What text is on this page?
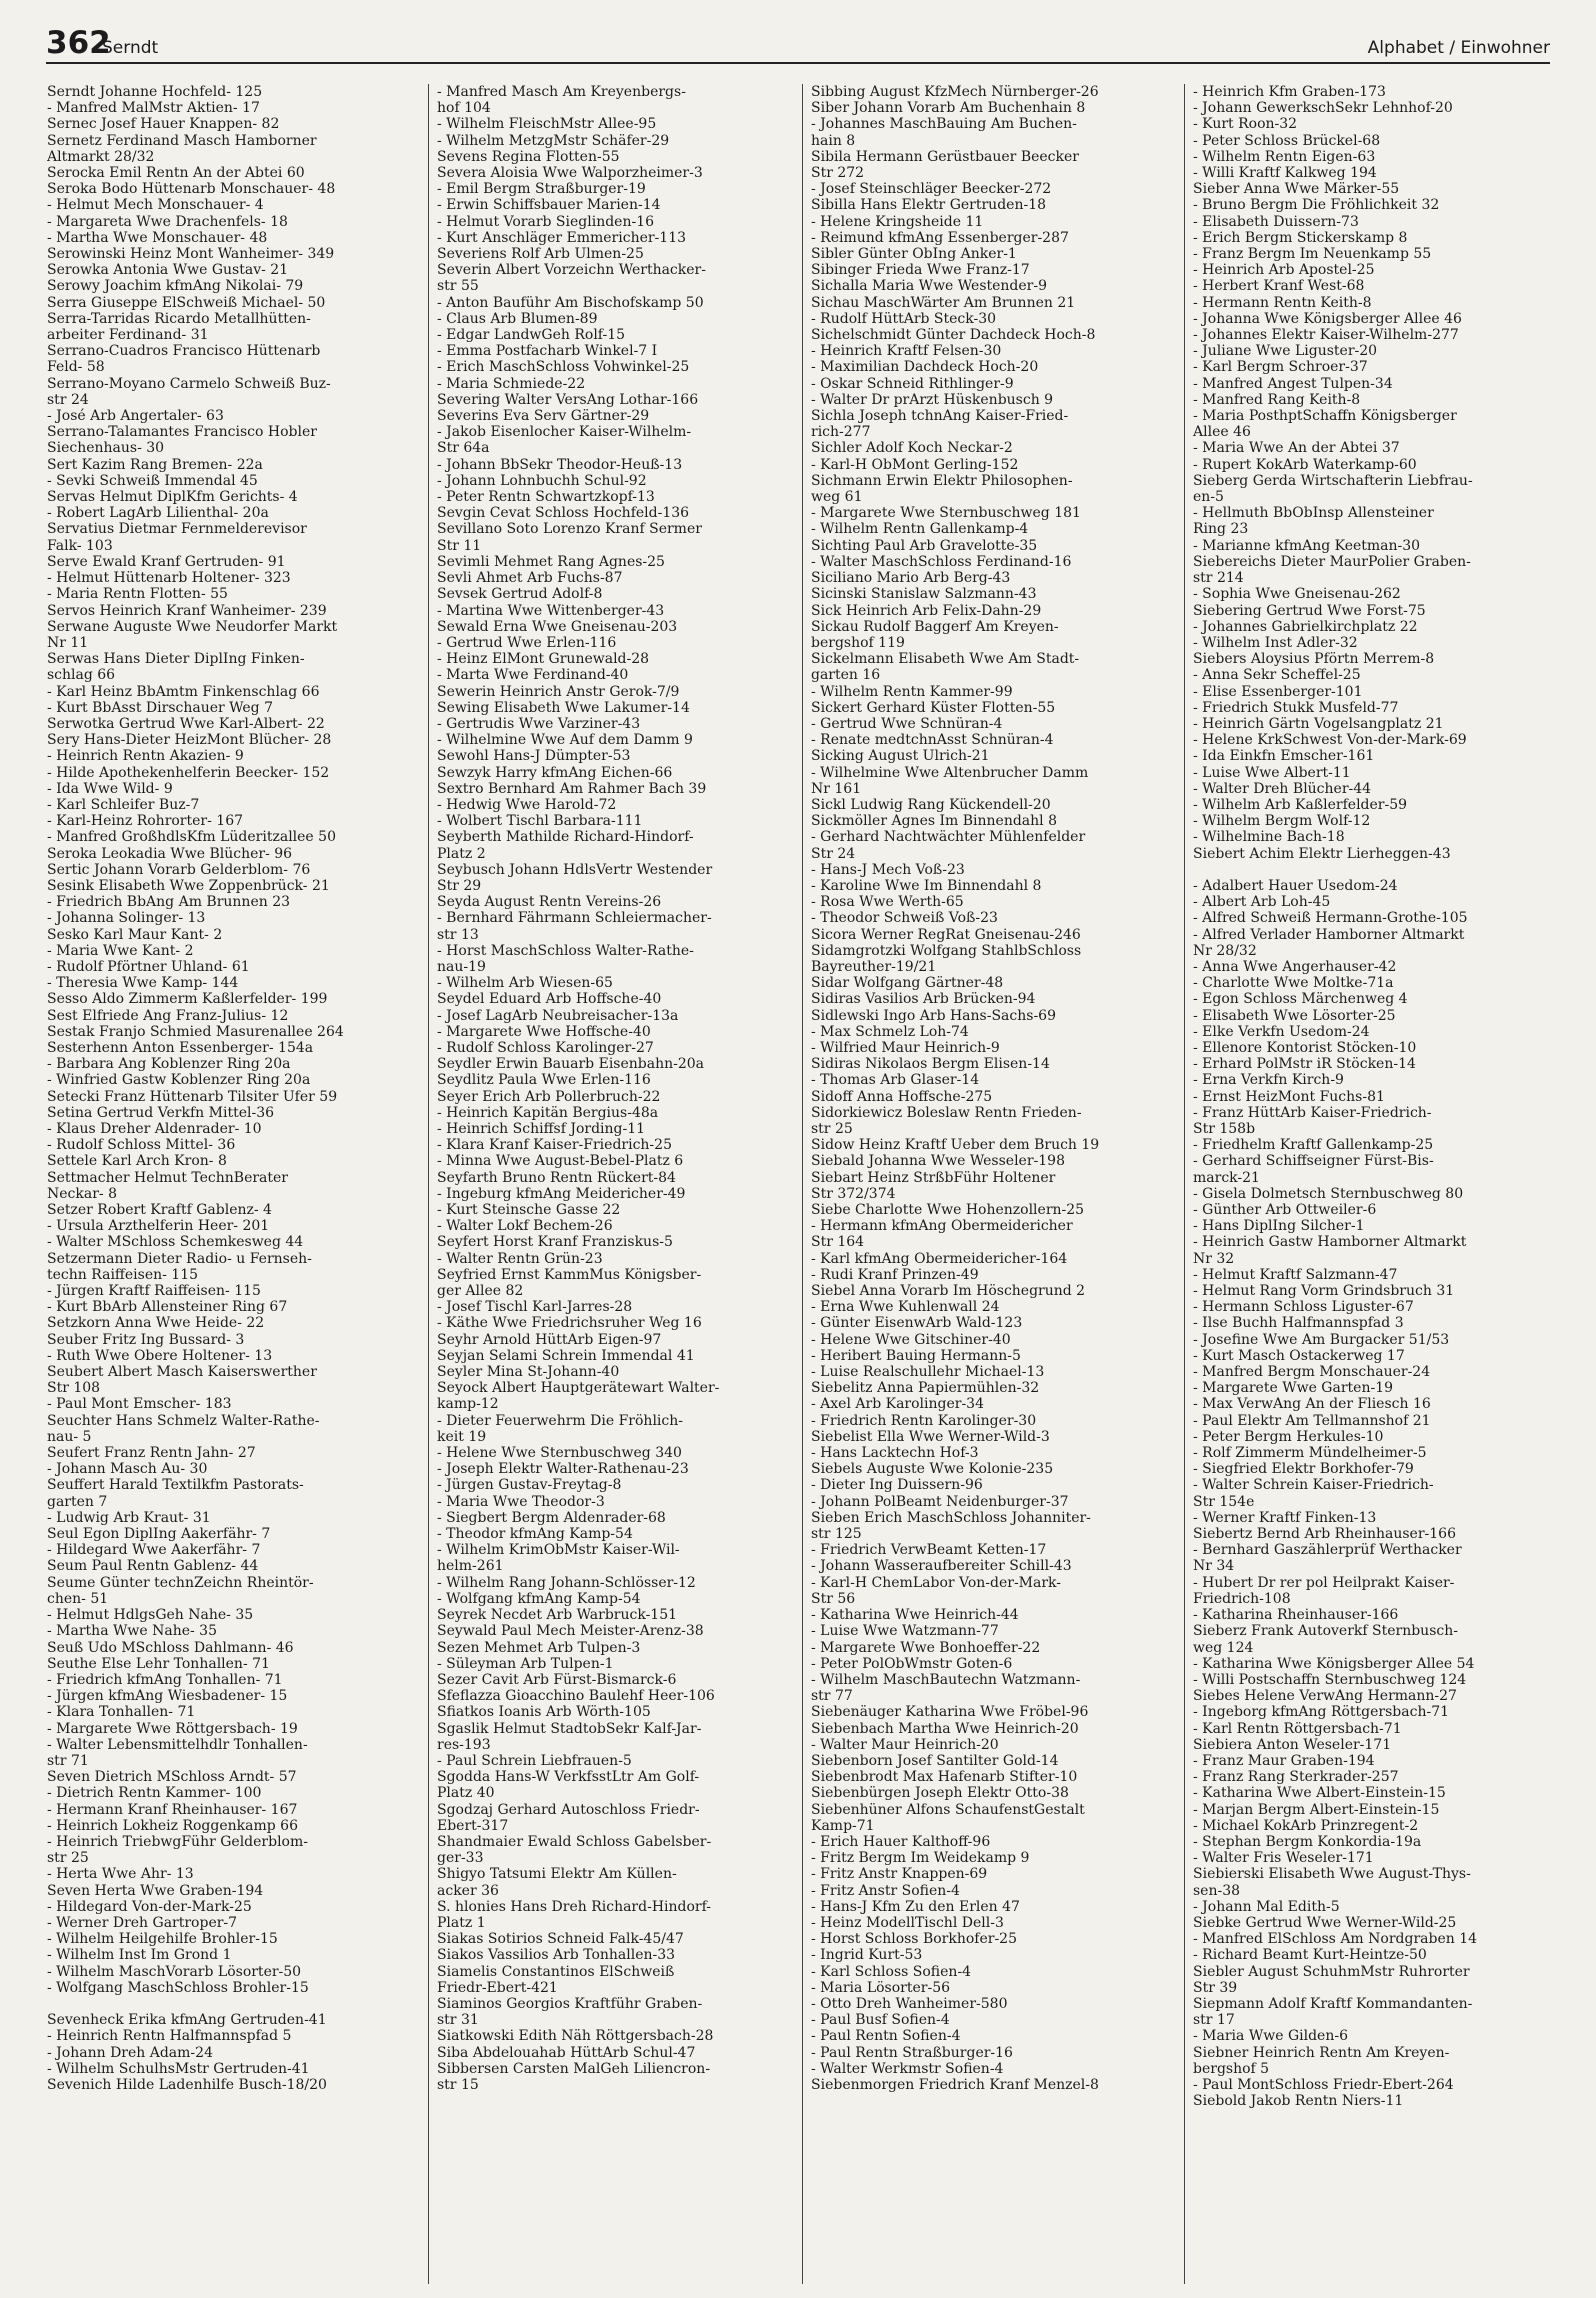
362
Serndt	Alphabet / Einwohner
Serndt Johanne Hochfeld- 125
- Manfred MalMstr Aktien- 17
Sernec Josef Hauer Knappen- 82
Sernetz Ferdinand Masch Hamborner
Altmarkt 28/32
Serocka Emil Rentn An der Abtei 60
Seroka Bodo Hüttenarb Monschauer- 48
- Helmut Mech Monschauer- 4
- Margareta Wwe Drachenfels- 18
- Martha Wwe Monschauer- 48
Serowinski Heinz Mont Wanheimer- 349
Serowka Antonia Wwe Gustav- 21
Serowy Joachim kfmAng Nikolai- 79
Serra Giuseppe ElSchweiß Michael- 50
Serra-Tarridas Ricardo Metallhütten-
arbeiter Ferdinand- 31
Serrano-Cuadros Francisco Hüttenarb
Feld- 58
Serrano-Moyano Carmelo Schweiß Buz-
str 24
- José Arb Angertaler- 63
Serrano-Talamantes Francisco Hobler
Siechenhaus- 30
Sert Kazim Rang Bremen- 22a
- Sevki Schweiß Immendal 45
Servas Helmut DiplKfm Gerichts- 4
- Robert LagArb Lilienthal- 20a
Servatius Dietmar Fernmelderevisor
Falk- 103
Serve Ewald Kranf Gertruden- 91
- Helmut Hüttenarb Holtener- 323
- Maria Rentn Flotten- 55
Servos Heinrich Kranf Wanheimer- 239
Serwane Auguste Wwe Neudorfer Markt
Nr 11
Serwas Hans Dieter DiplIng Finken-
schlag 66
- Karl Heinz BbAmtm Finkenschlag 66
- Kurt BbAsst Dirschauer Weg 7
Serwotka Gertrud Wwe Karl-Albert- 22
Sery Hans-Dieter HeizMont Blücher- 28
- Heinrich Rentn Akazien- 9
- Hilde Apothekenhelferin Beecker- 152
- Ida Wwe Wild- 9
- Karl Schleifer Buz-7
- Karl-Heinz Rohrorter- 167
- Manfred GroßhdlsKfm Lüderitzallee 50
Seroka Leokadia Wwe Blücher- 96
Sertic Johann Vorarb Gelderblom- 76
Sesink Elisabeth Wwe Zoppenbrück- 21
- Friedrich BbAng Am Brunnen 23
- Johanna Solinger- 13
Sesko Karl Maur Kant- 2
- Maria Wwe Kant- 2
- Rudolf Pförtner Uhland- 61
- Theresia Wwe Kamp- 144
Sesso Aldo Zimmerm Kaßlerfelder- 199
Sest Elfriede Ang Franz-Julius- 12
Sestak Franjo Schmied Masurenallee 264
Sesterhenn Anton Essenberger- 154a
- Barbara Ang Koblenzer Ring 20a
- Winfried Gastw Koblenzer Ring 20a
Setecki Franz Hüttenarb Tilsiter Ufer 59
Setina Gertrud Verkfn Mittel-36
- Klaus Dreher Aldenrader- 10
- Rudolf Schloss Mittel- 36
Settele Karl Arch Kron- 8
Settmacher Helmut TechnBerater
Neckar- 8
Setzer Robert Kraftf Gablenz- 4
- Ursula Arzthelferin Heer- 201
- Walter MSchloss Schemkesweg 44
Setzermann Dieter Radio- u Fernseh-
techn Raiffeisen- 115
- Jürgen Kraftf Raiffeisen- 115
- Kurt BbArb Allensteiner Ring 67
Setzkorn Anna Wwe Heide- 22
Seuber Fritz Ing Bussard- 3
- Ruth Wwe Obere Holtener- 13
Seubert Albert Masch Kaiserswerther
Str 108
- Paul Mont Emscher- 183
Seuchter Hans Schmelz Walter-Rathe-
nau- 5
Seufert Franz Rentn Jahn- 27
- Johann Masch Au- 30
Seuffert Harald Textilkfm Pastorats-
garten 7
- Ludwig Arb Kraut- 31
Seul Egon DiplIng Aakerfähr- 7
- Hildegard Wwe Aakerfähr- 7
Seum Paul Rentn Gablenz- 44
Seume Günter technZeichn Rheintör-
chen- 51
- Helmut HdlgsGeh Nahe- 35
- Martha Wwe Nahe- 35
Seuß Udo MSchloss Dahlmann- 46
Seuthe Else Lehr Tonhallen- 71
- Friedrich kfmAng Tonhallen- 71
- Jürgen kfmAng Wiesbadener- 15
- Klara Tonhallen- 71
- Margarete Wwe Röttgersbach- 19
- Walter Lebensmittelhdlr Tonhallen-
str 71
Seven Dietrich MSchloss Arndt- 57
- Dietrich Rentn Kammer- 100
- Hermann Kranf Rheinhauser- 167
- Heinrich Lokheiz Roggenkamp 66
- Heinrich TriebwgFühr Gelderblom-
str 25
- Herta Wwe Ahr- 13
Seven Herta Wwe Graben-194
- Hildegard Von-der-Mark-25
- Werner Dreh Gartroper-7
- Wilhelm Heilgehilfe Brohler-15
- Wilhelm Inst Im Grond 1
- Wilhelm MaschVorarb Lösorter-50
- Wolfgang MaschSchloss Brohler-15

Sevenheck Erika kfmAng Gertruden-41
- Heinrich Rentn Halfmannspfad 5
- Johann Dreh Adam-24
- Wilhelm SchulhsMstr Gertruden-41
Sevenich Hilde Ladenhilfe Busch-18/20
- Manfred Masch Am Kreyenbergs-
hof 104
- Wilhelm FleischMstr Allee-95
- Wilhelm MetzgMstr Schäfer-29
Sevens Regina Flotten-55
Severa Aloisia Wwe Walporzheimer-3
- Emil Bergm Straßburger-19
- Erwin Schiffsbauer Marien-14
- Helmut Vorarb Sieglinden-16
- Kurt Anschläger Emmericher-113
Severiens Rolf Arb Ulmen-25
Severin Albert Vorzeichn Werthacker-
str 55
- Anton Bauführ Am Bischofskamp 50
- Claus Arb Blumen-89
- Edgar LandwGeh Rolf-15
- Emma Postfacharb Winkel-7 I
- Erich MaschSchloss Vohwinkel-25
- Maria Schmiede-22
Severing Walter VersAng Lothar-166
Severins Eva Serv Gärtner-29
- Jakob Eisenlocher Kaiser-Wilhelm-
Str 64a
- Johann BbSekr Theodor-Heuß-13
- Johann Lohnbuchh Schul-92
- Peter Rentn Schwartzkopf-13
Sevgin Cevat Schloss Hochfeld-136
Sevillano Soto Lorenzo Kranf Sermer
Str 11
Sevimli Mehmet Rang Agnes-25
Sevli Ahmet Arb Fuchs-87
Sevsek Gertrud Adolf-8
- Martina Wwe Wittenberger-43
Sewald Erna Wwe Gneisenau-203
- Gertrud Wwe Erlen-116
- Heinz ElMont Grunewald-28
- Marta Wwe Ferdinand-40
Sewerin Heinrich Anstr Gerok-7/9
Sewing Elisabeth Wwe Lakumer-14
- Gertrudis Wwe Varziner-43
- Wilhelmine Wwe Auf dem Damm 9
Sewohl Hans-J Dümpter-53
Sewzyk Harry kfmAng Eichen-66
Sextro Bernhard Am Rahmer Bach 39
- Hedwig Wwe Harold-72
- Wolbert Tischl Barbara-111
Seyberth Mathilde Richard-Hindorf-
Platz 2
Seybusch Johann HdlsVertr Westender
Str 29
Seyda August Rentn Vereins-26
- Bernhard Fährmann Schleiermacher-
str 13
- Horst MaschSchloss Walter-Rathe-
nau-19
- Wilhelm Arb Wiesen-65
Seydel Eduard Arb Hoffsche-40
- Josef LagArb Neubreisacher-13a
- Margarete Wwe Hoffsche-40
- Rudolf Schloss Karolinger-27
Seydler Erwin Bauarb Eisenbahn-20a
Seydlitz Paula Wwe Erlen-116
Seyer Erich Arb Pollerbruch-22
- Heinrich Kapitän Bergius-48a
- Heinrich Schiffsf Jording-11
- Klara Kranf Kaiser-Friedrich-25
- Minna Wwe August-Bebel-Platz 6
Seyfarth Bruno Rentn Rückert-84
- Ingeburg kfmAng Meidericher-49
- Kurt Steinsche Gasse 22
- Walter Lokf Bechem-26
Seyfert Horst Kranf Franziskus-5
- Walter Rentn Grün-23
Seyfried Ernst KammMus Königsber-
ger Allee 82
- Josef Tischl Karl-Jarres-28
- Käthe Wwe Friedrichsruher Weg 16
Seyhr Arnold HüttArb Eigen-97
Seyjan Selami Schrein Immendal 41
Seyler Mina St-Johann-40
Seyock Albert Hauptgerätewart Walter-
kamp-12
- Dieter Feuerwehrm Die Fröhlich-
keit 19
- Helene Wwe Sternbuschweg 340
- Joseph Elektr Walter-Rathenau-23
- Jürgen Gustav-Freytag-8
- Maria Wwe Theodor-3
- Siegbert Bergm Aldenrader-68
- Theodor kfmAng Kamp-54
- Wilhelm KrimObMstr Kaiser-Wil-
helm-261
- Wilhelm Rang Johann-Schlösser-12
- Wolfgang kfmAng Kamp-54
Seyrek Necdet Arb Warbruck-151
Seywald Paul Mech Meister-Arenz-38
Sezen Mehmet Arb Tulpen-3
- Süleyman Arb Tulpen-1
Sezer Cavit Arb Fürst-Bismarck-6
Sfeflazza Gioacchino Baulehf Heer-106
Sfiatkos Ioanis Arb Wörth-105
Sgaslik Helmut StadtobSekr Kalf-Jar-
res-193
- Paul Schrein Liebfrauen-5
Sgodda Hans-W VerkfsstLtr Am Golf-
Platz 40
Sgodzaj Gerhard Autoschloss Friedr-
Ebert-317
Shandmaier Ewald Schloss Gabelsber-
ger-33
Shigyo Tatsumi Elektr Am Küllen-
acker 36
S. hlonies Hans Dreh Richard-Hindorf-
Platz 1
Siakas Sotirios Schneid Falk-45/47
Siakos Vassilios Arb Tonhallen-33
Siamelis Constantinos ElSchweiß
Friedr-Ebert-421
Siaminos Georgios Kraftführ Graben-
str 31
Siatkowski Edith Näh Röttgersbach-28
Siba Abdelouahab HüttArb Schul-47
Sibbersen Carsten MalGeh Liliencron-
str 15
Sibbing August KfzMech Nürnberger-26
Siber Johann Vorarb Am Buchenhain 8
- Johannes MaschBauing Am Buchen-
hain 8
Sibila Hermann Gerüstbauer Beecker
Str 272
- Josef Steinschläger Beecker-272
Sibilla Hans Elektr Gertruden-18
- Helene Kringsheide 11
- Reimund kfmAng Essenberger-287
Sibler Günter ObIng Anker-1
Sibinger Frieda Wwe Franz-17
Sichalla Maria Wwe Westender-9
Sichau MaschWärter Am Brunnen 21
- Rudolf HüttArb Steck-30
Sichelschmidt Günter Dachdeck Hoch-8
- Heinrich Kraftf Felsen-30
- Maximilian Dachdeck Hoch-20
- Oskar Schneid Rithlinger-9
- Walter Dr prArzt Hüskenbusch 9
Sichla Joseph tchnAng Kaiser-Fried-
rich-277
Sichler Adolf Koch Neckar-2
- Karl-H ObMont Gerling-152
Sichmann Erwin Elektr Philosophen-
weg 61
- Margarete Wwe Sternbuschweg 181
- Wilhelm Rentn Gallenkamp-4
Sichting Paul Arb Gravelotte-35
- Walter MaschSchloss Ferdinand-16
Siciliano Mario Arb Berg-43
Sicinski Stanislaw Salzmann-43
Sick Heinrich Arb Felix-Dahn-29
Sickau Rudolf Baggerf Am Kreyen-
bergshof 119
Sickelmann Elisabeth Wwe Am Stadt-
garten 16
- Wilhelm Rentn Kammer-99
Sickert Gerhard Küster Flotten-55
- Gertrud Wwe Schnüran-4
- Renate medtchnAsst Schnüran-4
Sicking August Ulrich-21
- Wilhelmine Wwe Altenbrucher Damm
Nr 161
Sickl Ludwig Rang Kückendell-20
Sickmöller Agnes Im Binnendahl 8
- Gerhard Nachtwächter Mühlenfelder
Str 24
- Hans-J Mech Voß-23
- Karoline Wwe Im Binnendahl 8
- Rosa Wwe Werth-65
- Theodor Schweiß Voß-23
Sicora Werner RegRat Gneisenau-246
Sidamgrotzki Wolfgang StahlbSchloss
Bayreuther-19/21
Sidar Wolfgang Gärtner-48
Sidiras Vasilios Arb Brücken-94
Sidlewski Ingo Arb Hans-Sachs-69
- Max Schmelz Loh-74
- Wilfried Maur Heinrich-9
Sidiras Nikolaos Bergm Elisen-14
- Thomas Arb Glaser-14
Sidoff Anna Hoffsche-275
Sidorkiewicz Boleslaw Rentn Frieden-
str 25
Sidow Heinz Kraftf Ueber dem Bruch 19
Siebald Johanna Wwe Wesseler-198
Siebart Heinz StrßbFühr Holtener
Str 372/374
Siebe Charlotte Wwe Hohenzollern-25
- Hermann kfmAng Obermeidericher
Str 164
- Karl kfmAng Obermeidericher-164
- Rudi Kranf Prinzen-49
Siebel Anna Vorarb Im Höschegrund 2
- Erna Wwe Kuhlenwall 24
- Günter EisenwArb Wald-123
- Helene Wwe Gitschiner-40
- Heribert Bauing Hermann-5
- Luise Realschullehr Michael-13
Siebelitz Anna Papiermühlen-32
- Axel Arb Karolinger-34
- Friedrich Rentn Karolinger-30
Siebelist Ella Wwe Werner-Wild-3
- Hans Lacktechn Hof-3
Siebels Auguste Wwe Kolonie-235
- Dieter Ing Duissern-96
- Johann PolBeamt Neidenburger-37
Sieben Erich MaschSchloss Johanniter-
str 125
- Friedrich VerwBeamt Ketten-17
- Johann Wasseraufbereiter Schill-43
- Karl-H ChemLabor Von-der-Mark-
Str 56
- Katharina Wwe Heinrich-44
- Luise Wwe Watzmann-77
- Margarete Wwe Bonhoeffer-22
- Peter PolObWmstr Goten-6
- Wilhelm MaschBautechn Watzmann-
str 77
Siebenäuger Katharina Wwe Fröbel-96
Siebenbach Martha Wwe Heinrich-20
- Walter Maur Heinrich-20
Siebenborn Josef Santilter Gold-14
Siebenbrodt Max Hafenarb Stifter-10
Siebenbürgen Joseph Elektr Otto-38
Siebenhüner Alfons SchaufenstGestalt
Kamp-71
- Erich Hauer Kalthoff-96
- Fritz Bergm Im Weidekamp 9
- Fritz Anstr Knappen-69
- Fritz Anstr Sofien-4
- Hans-J Kfm Zu den Erlen 47
- Heinz ModellTischl Dell-3
- Horst Schloss Borkhofer-25
- Ingrid Kurt-53
- Karl Schloss Sofien-4
- Maria Lösorter-56
- Otto Dreh Wanheimer-580
- Paul Busf Sofien-4
- Paul Rentn Sofien-4
- Paul Rentn Straßburger-16
- Walter Werkmstr Sofien-4
Siebenmorgen Friedrich Kranf Menzel-8
- Heinrich Kfm Graben-173
- Johann GewerkschSekr Lehnhof-20
- Kurt Roon-32
- Peter Schloss Brückel-68
- Wilhelm Rentn Eigen-63
- Willi Kraftf Kalkweg 194
Sieber Anna Wwe Märker-55
- Bruno Bergm Die Fröhlichkeit 32
- Elisabeth Duissern-73
- Erich Bergm Stickerskamp 8
- Franz Bergm Im Neuenkamp 55
- Heinrich Arb Apostel-25
- Herbert Kranf West-68
- Hermann Rentn Keith-8
- Johanna Wwe Königsberger Allee 46
- Johannes Elektr Kaiser-Wilhelm-277
- Juliane Wwe Liguster-20
- Karl Bergm Schroer-37
- Manfred Angest Tulpen-34
- Manfred Rang Keith-8
- Maria PosthptSchaffn Königsberger
Allee 46
- Maria Wwe An der Abtei 37
- Rupert KokArb Waterkamp-60
Sieberg Gerda Wirtschafterin Liebfrau-
en-5
- Hellmuth BbObInsp Allensteiner
Ring 23
- Marianne kfmAng Keetman-30
Siebereichs Dieter MaurPolier Graben-
str 214
- Sophia Wwe Gneisenau-262
Siebering Gertrud Wwe Forst-75
- Johannes Gabrielkirchplatz 22
- Wilhelm Inst Adler-32
Siebers Aloysius Pförtn Merrem-8
- Anna Sekr Scheffel-25
- Elise Essenberger-101
- Friedrich Stukk Musfeld-77
- Heinrich Gärtn Vogelsangplatz 21
- Helene KrkSchwest Von-der-Mark-69
- Ida Einkfn Emscher-161
- Luise Wwe Albert-11
- Walter Dreh Blücher-44
- Wilhelm Arb Kaßlerfelder-59
- Wilhelm Bergm Wolf-12
- Wilhelmine Bach-18
Siebert Achim Elektr Lierheggen-43

- Adalbert Hauer Usedom-24
- Albert Arb Loh-45
- Alfred Schweiß Hermann-Grothe-105
- Alfred Verlader Hamborner Altmarkt
Nr 28/32
- Anna Wwe Angerhauser-42
- Charlotte Wwe Moltke-71a
- Egon Schloss Märchenweg 4
- Elisabeth Wwe Lösorter-25
- Elke Verkfn Usedom-24
- Ellenore Kontorist Stöcken-10
- Erhard PolMstr iR Stöcken-14
- Erna Verkfn Kirch-9
- Ernst HeizMont Fuchs-81
- Franz HüttArb Kaiser-Friedrich-
Str 158b
- Friedhelm Kraftf Gallenkamp-25
- Gerhard Schiffseigner Fürst-Bis-
marck-21
- Gisela Dolmetsch Sternbuschweg 80
- Günther Arb Ottweiler-6
- Hans DiplIng Silcher-1
- Heinrich Gastw Hamborner Altmarkt
Nr 32
- Helmut Kraftf Salzmann-47
- Helmut Rang Vorm Grindsbruch 31
- Hermann Schloss Liguster-67
- Ilse Buchh Halfmannspfad 3
- Josefine Wwe Am Burgacker 51/53
- Kurt Masch Ostackerweg 17
- Manfred Bergm Monschauer-24
- Margarete Wwe Garten-19
- Max VerwAng An der Fliesch 16
- Paul Elektr Am Tellmannshof 21
- Peter Bergm Herkules-10
- Rolf Zimmerm Mündelheimer-5
- Siegfried Elektr Borkhofer-79
- Walter Schrein Kaiser-Friedrich-
Str 154e
- Werner Kraftf Finken-13
Siebertz Bernd Arb Rheinhauser-166
- Bernhard Gaszählerprüf Werthacker
Nr 34
- Hubert Dr rer pol Heilprakt Kaiser-
Friedrich-108
- Katharina Rheinhauser-166
Sieberz Frank Autoverkf Sternbusch-
weg 124
- Katharina Wwe Königsberger Allee 54
- Willi Postschaffn Sternbuschweg 124
Siebes Helene VerwAng Hermann-27
- Ingeborg kfmAng Röttgersbach-71
- Karl Rentn Röttgersbach-71
Siebiera Anton Weseler-171
- Franz Maur Graben-194
- Franz Rang Sterkrader-257
- Katharina Wwe Albert-Einstein-15
- Marjan Bergm Albert-Einstein-15
- Michael KokArb Prinzregent-2
- Stephan Bergm Konkordia-19a
- Walter Fris Weseler-171
Siebierski Elisabeth Wwe August-Thys-
sen-38
- Johann Mal Edith-5
Siebke Gertrud Wwe Werner-Wild-25
- Manfred ElSchloss Am Nordgraben 14
- Richard Beamt Kurt-Heintze-50
Siebler August SchuhmMstr Ruhrorter
Str 39
Siepmann Adolf Kraftf Kommandanten-
str 17
- Maria Wwe Gilden-6
Siebner Heinrich Rentn Am Kreyen-
bergshof 5
- Paul MontSchloss Friedr-Ebert-264
Siebold Jakob Rentn Niers-11
